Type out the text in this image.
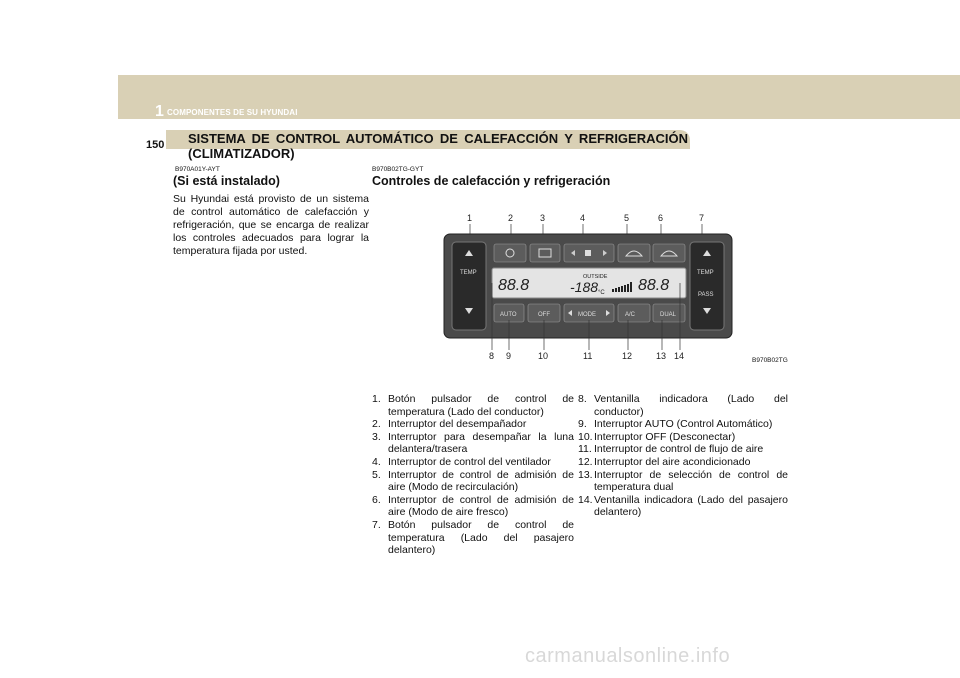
1 COMPONENTES DE SU HYUNDAI
150 SISTEMA DE CONTROL AUTOMÁTICO DE CALEFACCIÓN Y REFRIGERACIÓN (CLIMATIZADOR)
B970A01Y-AYT
(Si está instalado)
Su Hyundai está provisto de un sistema de control automático de calefacción y refrigeración, que se encarga de realizar los controles adecuados para lograr la temperatura fijada por usted.
B970B02TG-GYT
Controles de calefacción y refrigeración
1	2	3	4	5	6	7
TEMP	TEMP
PASS
88.8	OUTSIDE
-188 °C 88.8
AUTO	OFF	MODE	A/C	DUAL
8 9	10	11	12	13 14	B970B02TG
1. Botón pulsador de control de temperatura (Lado del conductor)
2. Interruptor del desempañador
3. Interruptor para desempañar la luna delantera/trasera
4. Interruptor de control del ventilador
5. Interruptor de control de admisión de aire (Modo de recirculación)
6. Interruptor de control de admisión de aire (Modo de aire fresco)
7. Botón pulsador de control de temperatura (Lado del pasajero delantero)
8. Ventanilla indicadora (Lado del conductor)
9. Interruptor AUTO (Control Automático)
10. Interruptor OFF (Desconectar)
11. Interruptor de control de flujo de aire
12. Interruptor del aire acondicionado
13. Interruptor de selección de control de temperatura dual
14. Ventanilla indicadora (Lado del pasajero delantero)
carmanualsonline.info
